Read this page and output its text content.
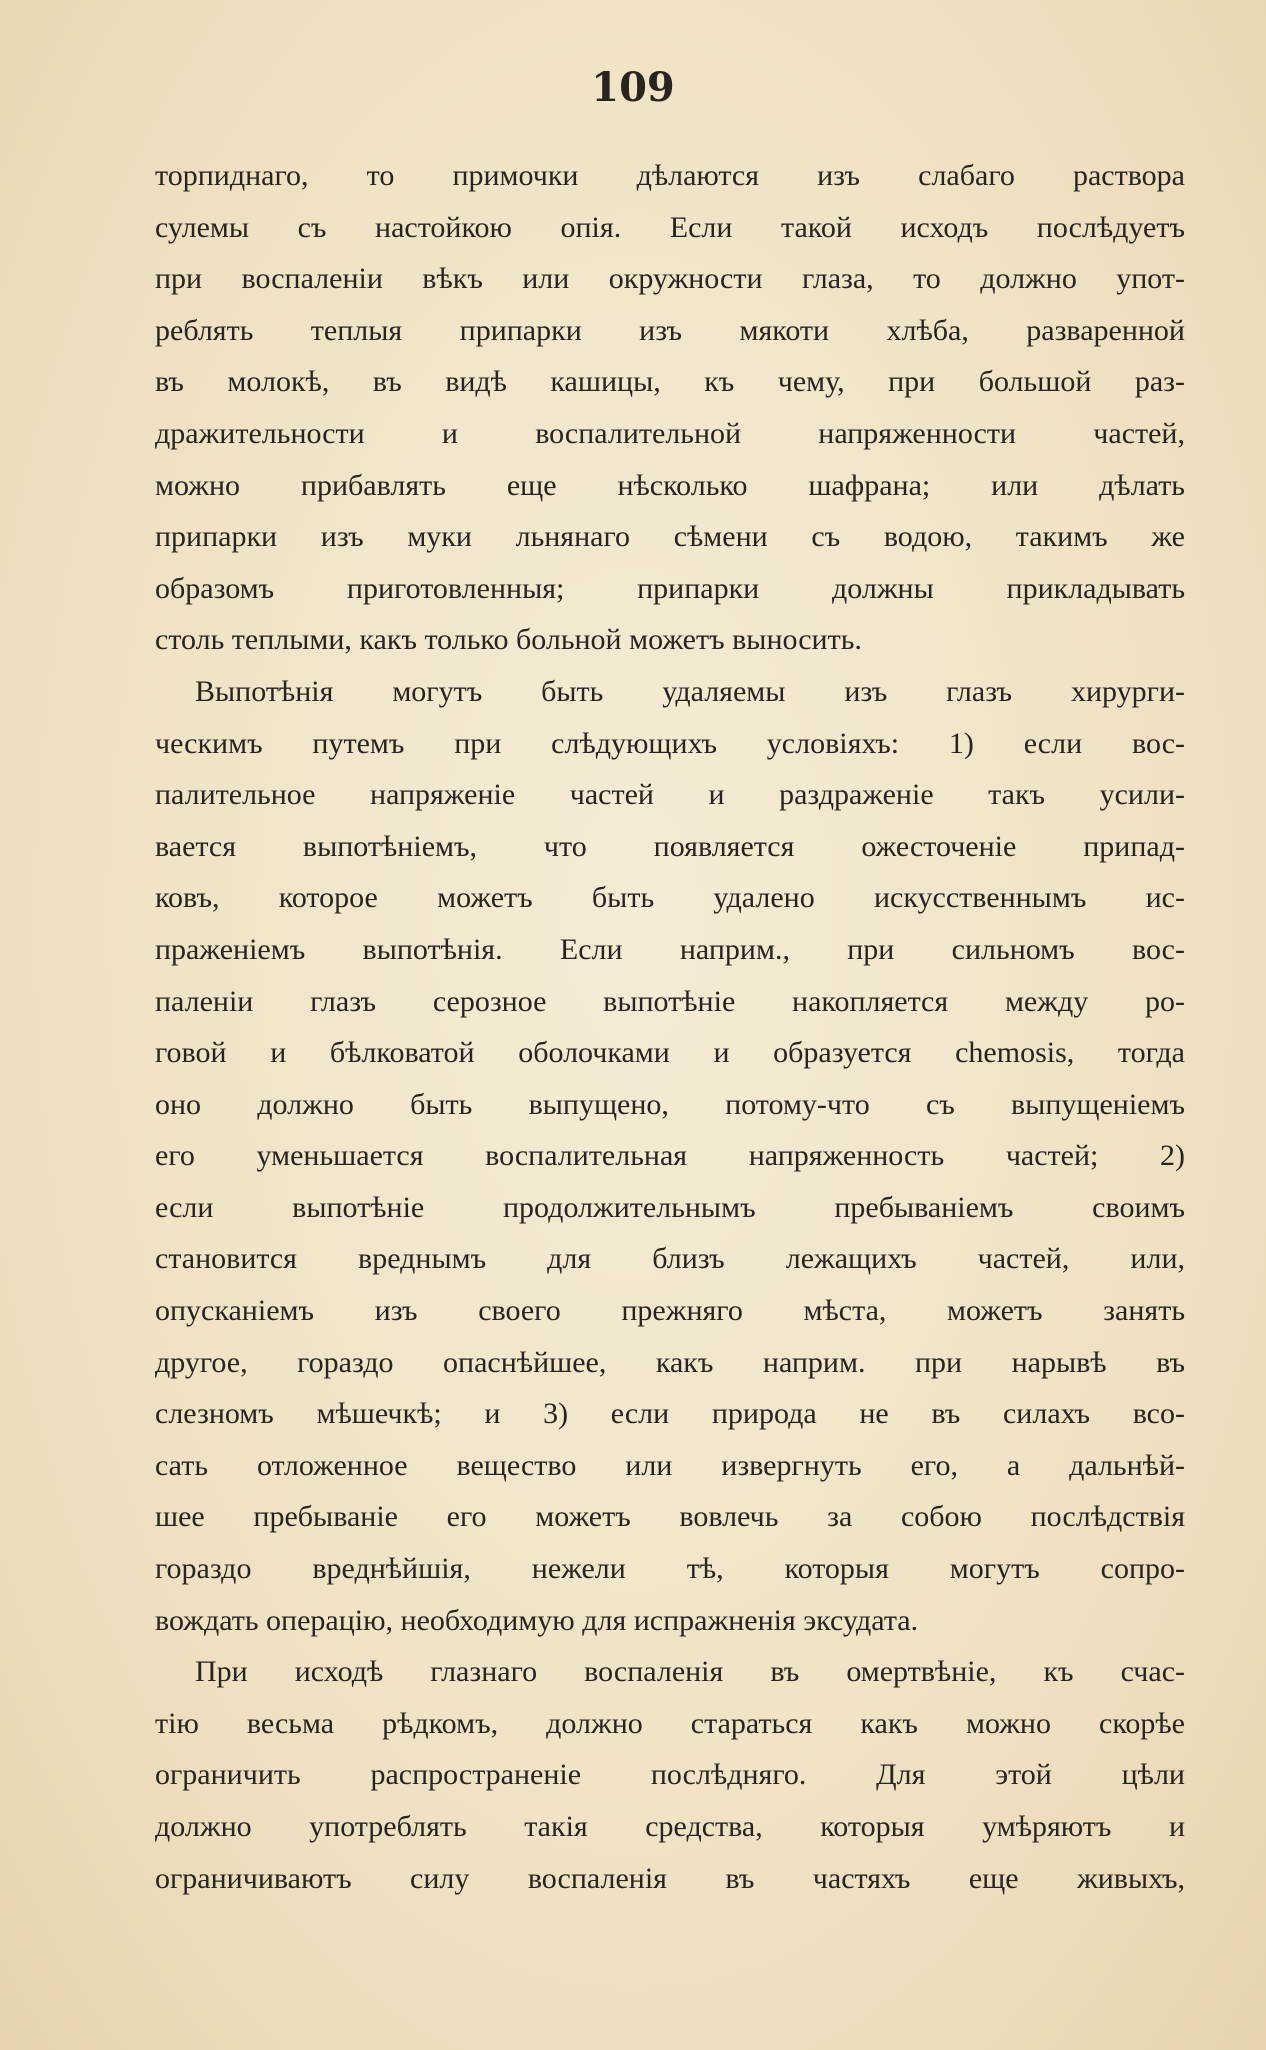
109
торпиднаго, то примочки дѣлаются изъ слабаго раствора
сулемы съ настойкою опія. Если такой исходъ послѣдуетъ
при воспаленіи вѣкъ или окружности глаза, то должно упот-
реблять теплыя припарки изъ мякоти хлѣба, разваренной
въ молокѣ, въ видѣ кашицы, къ чему, при большой раз-
дражительности и воспалительной напряженности частей,
можно прибавлять еще нѣсколько шафрана; или дѣлать
припарки изъ муки льнянаго сѣмени съ водою, такимъ же
образомъ приготовленныя; припарки должны прикладывать
столь теплыми, какъ только больной можетъ выносить.
Выпотѣнія могутъ быть удаляемы изъ глазъ хирурги-
ческимъ путемъ при слѣдующихъ условіяхъ: 1) если вос-
палительное напряженіе частей и раздраженіе такъ усили-
вается выпотѣніемъ, что появляется ожесточеніе припад-
ковъ, которое можетъ быть удалено искусственнымъ ис-
праженіемъ выпотѣнія. Если наприм., при сильномъ вос-
паленіи глазъ серозное выпотѣніе накопляется между ро-
говой и бѣлковатой оболочками и образуется chemosis, тогда
оно должно быть выпущено, потому-что съ выпущеніемъ
его уменьшается воспалительная напряженность частей; 2)
если выпотѣніе продолжительнымъ пребываніемъ своимъ
становится вреднымъ для близъ лежащихъ частей, или,
опусканіемъ изъ своего прежняго мѣста, можетъ занять
другое, гораздо опаснѣйшее, какъ наприм. при нарывѣ въ
слезномъ мѣшечкѣ; и 3) если природа не въ силахъ всо-
сать отложенное вещество или извергнуть его, а дальнѣй-
шее пребываніе его можетъ вовлечь за собою послѣдствія
гораздо вреднѣйшія, нежели тѣ, которыя могутъ сопро-
вождать операцію, необходимую для испражненія эксудата.
При исходѣ глазнаго воспаленія въ омертвѣніе, къ счас-
тію весьма рѣдкомъ, должно стараться какъ можно скорѣе
ограничить распространеніе послѣдняго. Для этой цѣли
должно употреблять такія средства, которыя умѣряютъ и
ограничиваютъ силу воспаленія въ частяхъ еще живыхъ,
